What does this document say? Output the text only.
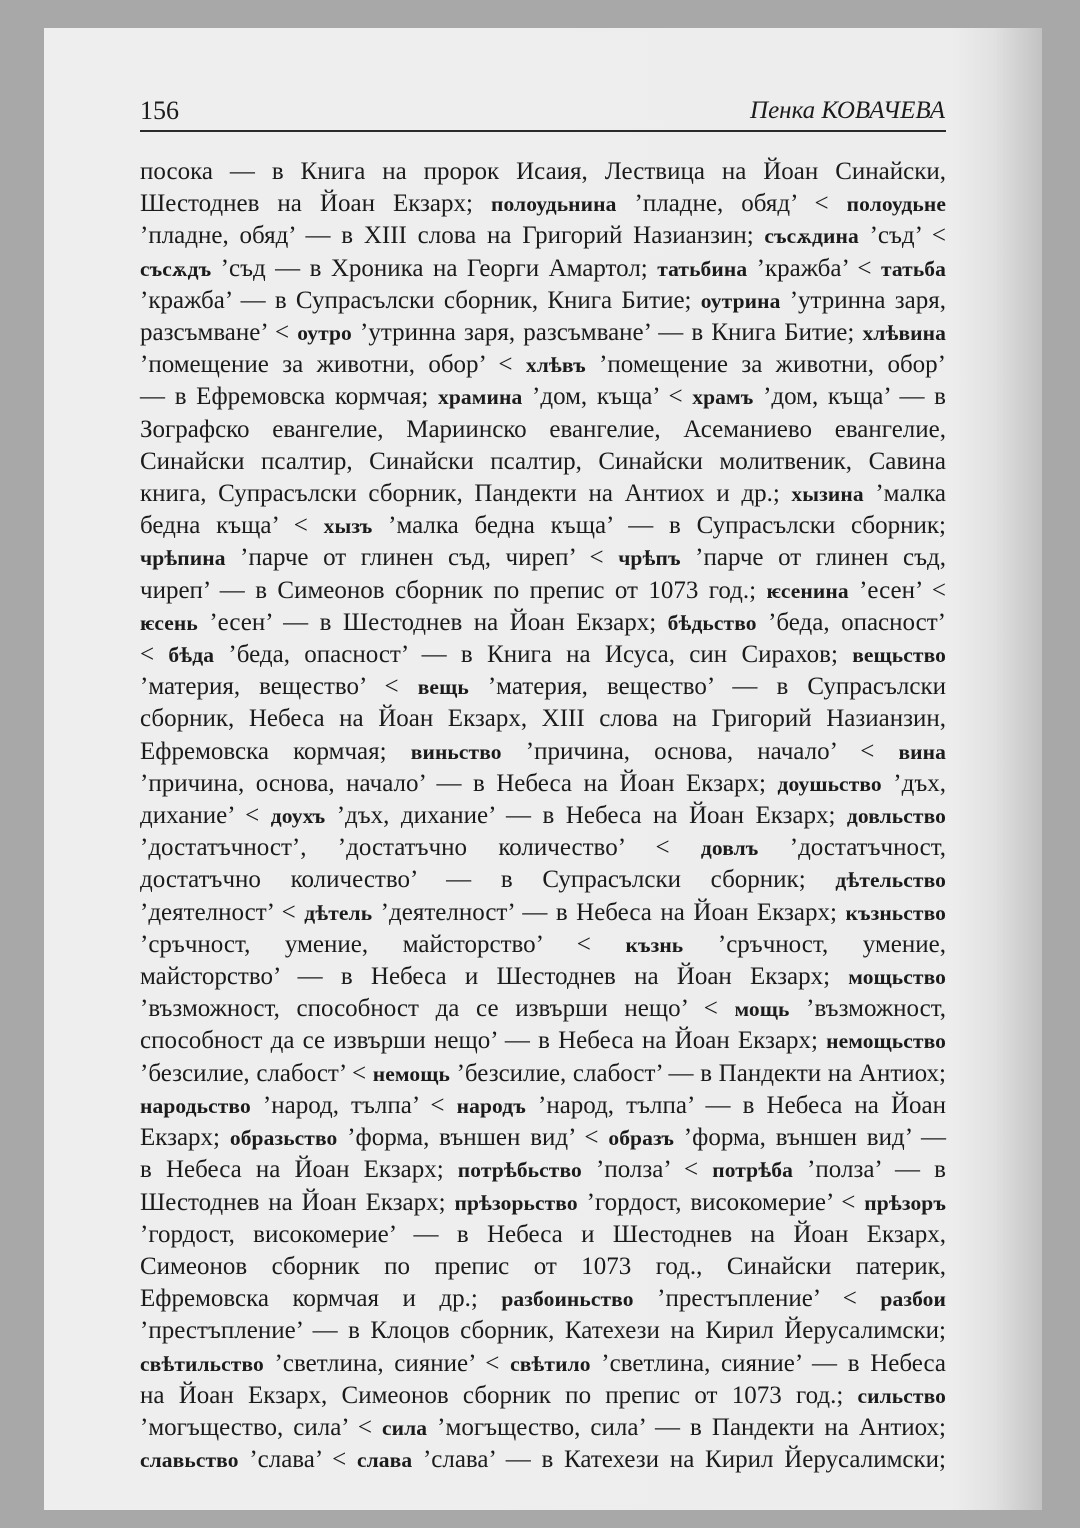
156	Пенка КОВАЧЕВА
посока — в Книга на пророк Исаия, Лествица на Йоан Синайски,
Шестоднев на Йоан Екзарх; полоудьнина ’пладне, обяд’ < полоудьне
’пладне, обяд’ — в XIII слова на Григорий Назианзин; съсѫдина ’съд’ <
съсѫдъ ’съд — в Хроника на Георги Амартол; татьбина ’кражба’ < татьба
’кражба’ — в Супрасълски сборник, Книга Битие; оутрина ’утринна заря,
разсъмване’ < оутро ’утринна заря, разсъмване’ — в Книга Битие; хлѣвина
’помещение за животни, обор’ < хлѣвъ ’помещение за животни, обор’
— в Ефремовска кормчая; храмина ’дом, къща’ < храмъ ’дом, къща’ — в
Зографско евангелие, Мариинско евангелие, Асеманиево евангелие,
Синайски псалтир, Синайски псалтир, Синайски молитвеник, Савина
книга, Супрасълски сборник, Пандекти на Антиох и др.; хызина ’малка
бедна къща’ < хызъ ’малка бедна къща’ — в Супрасълски сборник;
чрѣпина ’парче от глинен съд, чиреп’ < чрѣпъ ’парче от глинен съд,
чиреп’ — в Симеонов сборник по препис от 1073 год.; ѥсенина ’есен’ <
ѥсень ’есен’ — в Шестоднев на Йоан Екзарх; бѣдьство ’беда, опасност’
< бѣда ’беда, опасност’ — в Книга на Исуса, син Сирахов; вещьство
’материя, вещество’ < вещь ’материя, вещество’ — в Супрасълски
сборник, Небеса на Йоан Екзарх, XIII слова на Григорий Назианзин,
Ефремовска кормчая; виньство ’причина, основа, начало’ < вина
’причина, основа, начало’ — в Небеса на Йоан Екзарх; доушьство ’дъх,
дихание’ < доухъ ’дъх, дихание’ — в Небеса на Йоан Екзарх; довльство
’достатъчност’, ’достатъчно количество’ < довлъ ’достатъчност,
достатъчно количество’ — в Супрасълски сборник; дѣтельство
’деятелност’ < дѣтель ’деятелност’ — в Небеса на Йоан Екзарх; къзньство
’сръчност, умение, майсторство’ < къзнь ’сръчност, умение,
майсторство’ — в Небеса и Шестоднев на Йоан Екзарх; мощьство
’възможност, способност да се извърши нещо’ < мощь ’възможност,
способност да се извърши нещо’ — в Небеса на Йоан Екзарх; немощьство
’безсилие, слабост’ < немощь ’безсилие, слабост’ — в Пандекти на Антиох;
народьство ’народ, тълпа’ < народъ ’народ, тълпа’ — в Небеса на Йоан
Екзарх; образьство ’форма, външен вид’ < образъ ’форма, външен вид’ —
в Небеса на Йоан Екзарх; потрѣбьство ’полза’ < потрѣба ’полза’ — в
Шестоднев на Йоан Екзарх; прѣзорьство ’гордост, високомерие’ < прѣзоръ
’гордост, високомерие’ — в Небеса и Шестоднев на Йоан Екзарх,
Симеонов сборник по препис от 1073 год., Синайски патерик,
Ефремовска кормчая и др.; разбоиньство ’престъпление’ < разбои
’престъпление’ — в Клоцов сборник, Катехези на Кирил Йерусалимски;
свѣтильство ’светлина, сияние’ < свѣтило ’светлина, сияние’ — в Небеса
на Йоан Екзарх, Симеонов сборник по препис от 1073 год.; сильство
’могъщество, сила’ < сила ’могъщество, сила’ — в Пандекти на Антиох;
славьство ’слава’ < слава ’слава’ — в Катехези на Кирил Йерусалимски;
